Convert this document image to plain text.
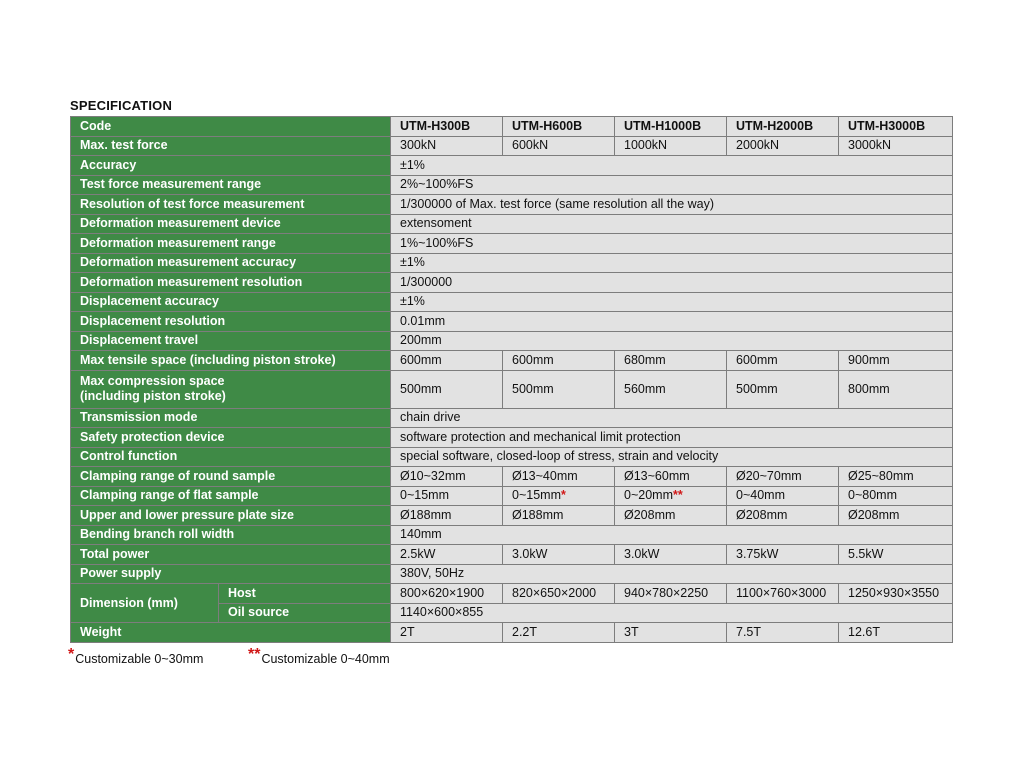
SPECIFICATION
Code		UTM-H300B	UTM-H600B	UTM-H1000B	UTM-H2000B	UTM-H3000B
Max. test force		300kN	600kN	1000kN	2000kN	3000kN
Accuracy		±1%				
Test force measurement range		2%~100%FS				
Resolution of test force measurement		1/300000 of Max. test force (same resolution all the way)				
Deformation measurement device		extensoment				
Deformation measurement range		1%~100%FS				
Deformation measurement accuracy		±1%				
Deformation measurement resolution		1/300000				
Displacement accuracy		±1%				
Displacement resolution		0.01mm				
Displacement travel		200mm				
Max tensile space (including piston stroke)		600mm	600mm	680mm	600mm	900mm

Max compression space
(including piston stroke)		500mm	500mm	560mm	500mm	800mm
Transmission mode		chain drive				
Safety protection device		software protection and mechanical limit protection				
Control function		special software, closed-loop of stress, strain and velocity				
Clamping range of round sample		Ø10~32mm	Ø13~40mm	Ø13~60mm	Ø20~70mm	Ø25~80mm
Clamping range of flat sample		0~15mm	0~15mm*	0~20mm**	0~40mm	0~80mm
Upper and lower pressure plate size		Ø188mm	Ø188mm	Ø208mm	Ø208mm	Ø208mm
Bending branch roll width		140mm				
Total power		2.5kW	3.0kW	3.0kW	3.75kW	5.5kW
Power supply		380V, 50Hz				
Dimension (mm)	Host	800×620×1900	820×650×2000	940×780×2250	1100×760×3000	1250×930×3550
	Oil source	1140×600×855				
Weight		2T	2.2T	3T	7.5T	12.6T
*Customizable 0~30mm	**Customizable 0~40mm
